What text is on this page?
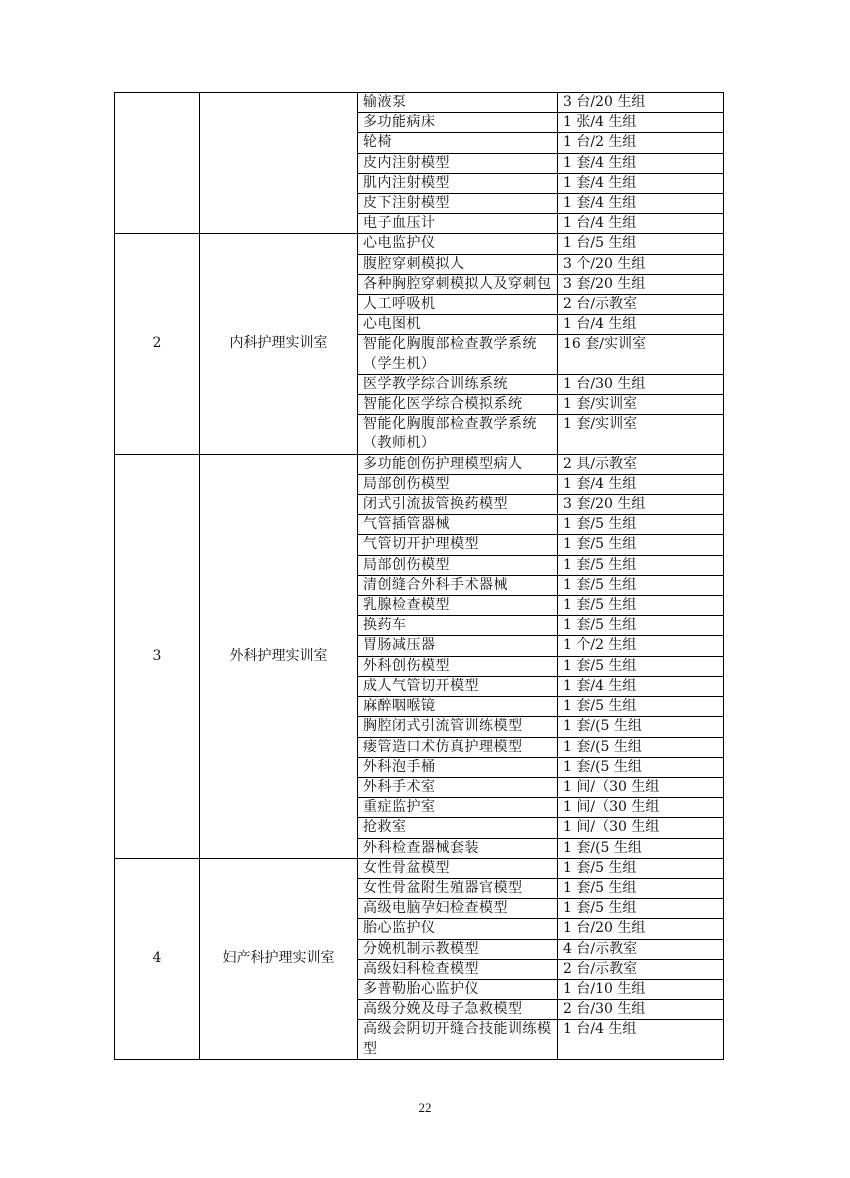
		输液泵	3 台/20 生组
		多功能病床	1 张/4 生组
		轮椅	1 台/2 生组
		皮内注射模型	1 套/4 生组
		肌内注射模型	1 套/4 生组
		皮下注射模型	1 套/4 生组
		电子血压计	1 台/4 生组
2	内科护理实训室	心电监护仪	1 台/5 生组
		腹腔穿刺模拟人	3 个/20 生组
		各种胸腔穿刺模拟人及穿刺包	3 套/20 生组
		人工呼吸机	2 台/示教室
		心电图机	1 台/4 生组
		智能化胸腹部检查教学系统（学生机）	16 套/实训室
		医学教学综合训练系统	1 台/30 生组
		智能化医学综合模拟系统	1 套/实训室
		智能化胸腹部检查教学系统（教师机）	1 套/实训室
3	外科护理实训室	多功能创伤护理模型病人	2 具/示教室
		局部创伤模型	1 套/4 生组
		闭式引流拔管换药模型	3 套/20 生组
		气管插管器械	1 套/5 生组
		气管切开护理模型	1 套/5 生组
		局部创伤模型	1 套/5 生组
		清创缝合外科手术器械	1 套/5 生组
		乳腺检查模型	1 套/5 生组
		换药车	1 套/5 生组
		胃肠减压器	1 个/2 生组
		外科创伤模型	1 套/5 生组
		成人气管切开模型	1 套/4 生组
		麻醉咽喉镜	1 套/5 生组
		胸腔闭式引流管训练模型	1 套/(5 生组
		瘘管造口术仿真护理模型	1 套/(5 生组
		外科泡手桶	1 套/(5 生组
		外科手术室	1 间/（30 生组
		重症监护室	1 间/（30 生组
		抢救室	1 间/（30 生组
		外科检查器械套装	1 套/(5 生组
4	妇产科护理实训室	女性骨盆模型	1 套/5 生组
		女性骨盆附生殖器官模型	1 套/5 生组
		高级电脑孕妇检查模型	1 套/5 生组
		胎心监护仪	1 台/20 生组
		分娩机制示教模型	4 台/示教室
		高级妇科检查模型	2 台/示教室
		多普勒胎心监护仪	1 台/10 生组
		高级分娩及母子急救模型	2 台/30 生组
		高级会阴切开缝合技能训练模型	1 台/4 生组
22
